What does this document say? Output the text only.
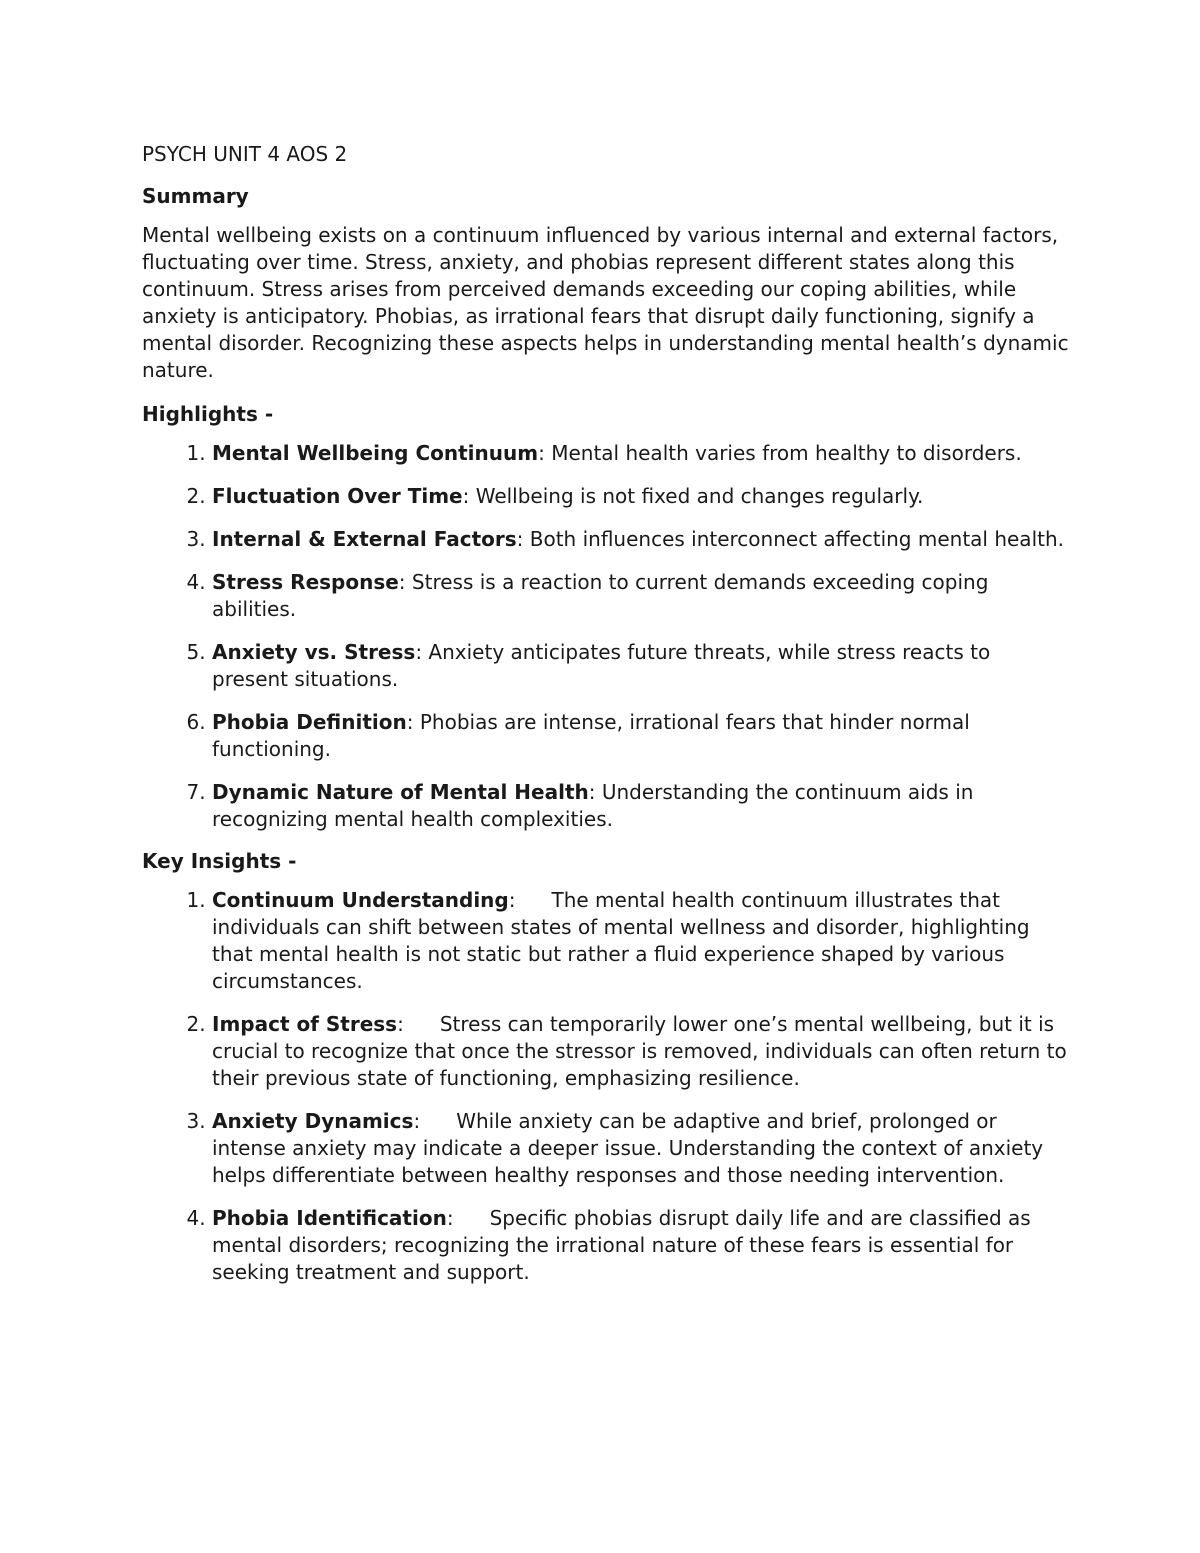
PSYCH UNIT 4 AOS 2
Summary

Mental wellbeing exists on a continuum influenced by various internal and external factors, fluctuating over time. Stress, anxiety, and phobias represent different states along this continuum. Stress arises from perceived demands exceeding our coping abilities, while anxiety is anticipatory. Phobias, as irrational fears that disrupt daily functioning, signify a mental disorder. Recognizing these aspects helps in understanding mental health’s dynamic nature.

Highlights -
1. Mental Wellbeing Continuum: Mental health varies from healthy to disorders.
2. Fluctuation Over Time: Wellbeing is not fixed and changes regularly.
3. Internal & External Factors: Both influences interconnect affecting mental health.
4. Stress Response: Stress is a reaction to current demands exceeding coping abilities.
5. Anxiety vs. Stress: Anxiety anticipates future threats, while stress reacts to present situations.
6. Phobia Definition: Phobias are intense, irrational fears that hinder normal functioning.
7. Dynamic Nature of Mental Health: Understanding the continuum aids in recognizing mental health complexities.
Key Insights -
1. Continuum Understanding: The mental health continuum illustrates that individuals can shift between states of mental wellness and disorder, highlighting that mental health is not static but rather a fluid experience shaped by various circumstances.
2. Impact of Stress: Stress can temporarily lower one’s mental wellbeing, but it is crucial to recognize that once the stressor is removed, individuals can often return to their previous state of functioning, emphasizing resilience.
3. Anxiety Dynamics: While anxiety can be adaptive and brief, prolonged or intense anxiety may indicate a deeper issue. Understanding the context of anxiety helps differentiate between healthy responses and those needing intervention.
4. Phobia Identification: Specific phobias disrupt daily life and are classified as mental disorders; recognizing the irrational nature of these fears is essential for seeking treatment and support.
